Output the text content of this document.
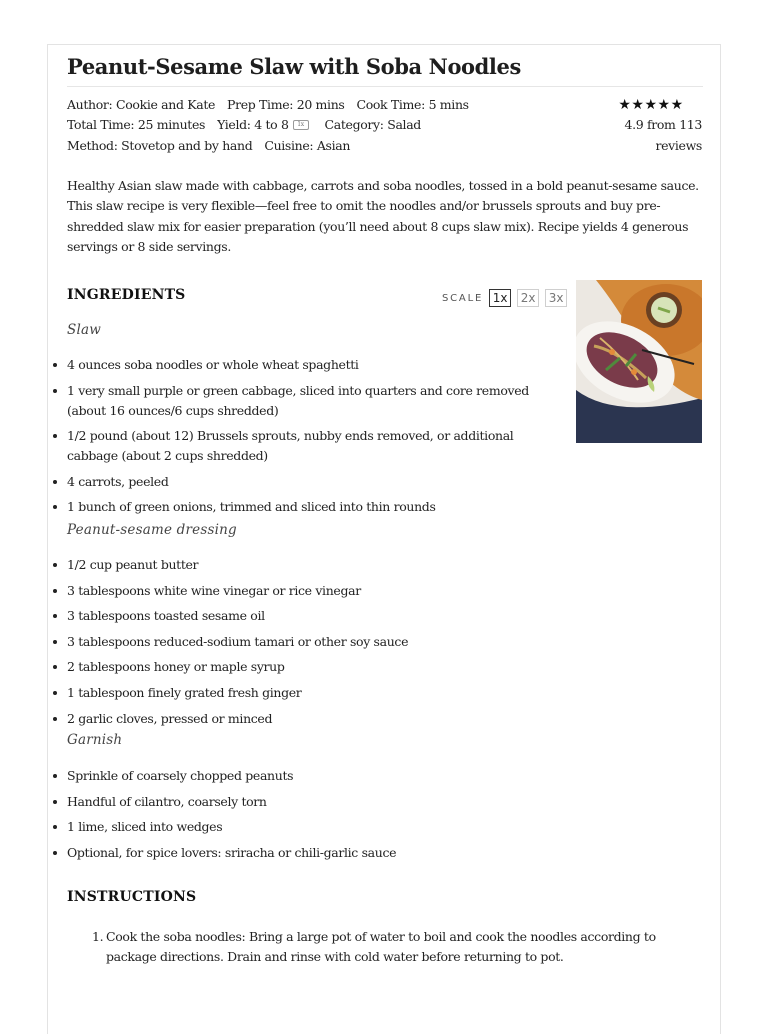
Peanut-Sesame Slaw with Soba Noodles
Author: Cookie and Kate Prep Time: 20 mins Cook Time: 5 mins
Total Time: 25 minutes Yield: 4 to 8 1x Category: Salad
Method: Stovetop and by hand Cuisine: Asian
★★★★★
4.9 from 113 reviews

Healthy Asian slaw made with cabbage, carrots and soba noodles, tossed in a bold peanut-sesame sauce. This slaw recipe is very flexible—feel free to omit the noodles and/or brussels sprouts and buy pre-shredded slaw mix for easier preparation (you’ll need about 8 cups slaw mix). Recipe yields 4 generous servings or 8 side servings.

INGREDIENTS	SCALE 1x	2x	3x
Slaw
4 ounces soba noodles or whole wheat spaghetti
1 very small purple or green cabbage, sliced into quarters and core removed (about 16 ounces/6 cups shredded)
1/2 pound (about 12) Brussels sprouts, nubby ends removed, or additional cabbage (about 2 cups shredded)
4 carrots, peeled
1 bunch of green onions, trimmed and sliced into thin rounds
Peanut-sesame dressing
1/2 cup peanut butter
3 tablespoons white wine vinegar or rice vinegar
3 tablespoons toasted sesame oil
3 tablespoons reduced-sodium tamari or other soy sauce
2 tablespoons honey or maple syrup
1 tablespoon finely grated fresh ginger
2 garlic cloves, pressed or minced
Garnish
Sprinkle of coarsely chopped peanuts
Handful of cilantro, coarsely torn
1 lime, sliced into wedges
Optional, for spice lovers: sriracha or chili-garlic sauce
INSTRUCTIONS
1. Cook the soba noodles: Bring a large pot of water to boil and cook the noodles according to package directions. Drain and rinse with cold water before returning to pot.
